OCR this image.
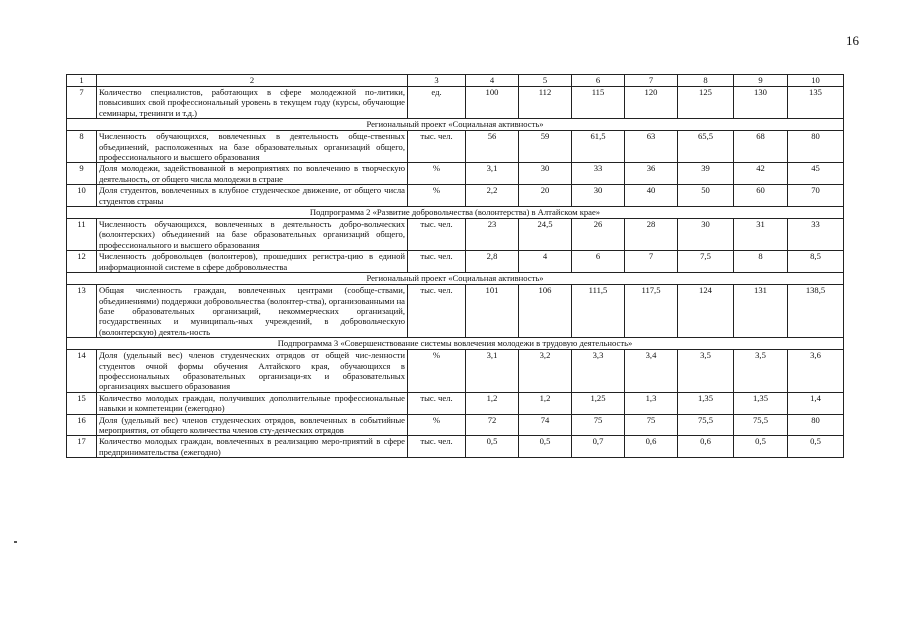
16
1	2	3	4	5	6	7	8	9	10
7	Количество специалистов, работающих в сфере молодежной по-литики, повысивших свой профессиональный уровень в текущем году (курсы, обучающие семинары, тренинги и т.д.)	ед.	100	112	115	120	125	130	135
Региональный проект «Социальная активность»									
8	Численность обучающихся, вовлеченных в деятельность обще-ственных объединений, расположенных на базе образовательных организаций общего, профессионального и высшего образования	тыс. чел.	56	59	61,5	63	65,5	68	80
9	Доля молодежи, задействованной в мероприятиях по вовлечению в творческую деятельность, от общего числа молодежи в стране	%	3,1	30	33	36	39	42	45
10	Доля студентов, вовлеченных в клубное студенческое движение, от общего числа студентов страны	%	2,2	20	30	40	50	60	70
Подпрограмма 2 «Развитие добровольчества (волонтерства) в Алтайском крае»									
11	Численность обучающихся, вовлеченных в деятельность добро-вольческих (волонтерских) объединений на базе образовательных организаций общего, профессионального и высшего образования	тыс. чел.	23	24,5	26	28	30	31	33
12	Численность добровольцев (волонтеров), прошедших регистра-цию в единой информационной системе в сфере добровольчества	тыс. чел.	2,8	4	6	7	7,5	8	8,5
Региональный проект «Социальная активность»									
13	Общая численность граждан, вовлеченных центрами (сообще-ствами, объединениями) поддержки добровольчества (волонтер-ства), организованными на базе образовательных организаций, некоммерческих организаций, государственных и муниципаль-ных учреждений, в добровольческую (волонтерскую) деятель-ность	тыс. чел.	101	106	111,5	117,5	124	131	138,5
Подпрограмма 3 «Совершенствование системы вовлечения молодежи в трудовую деятельность»									
14	Доля (удельный вес) членов студенческих отрядов от общей чис-ленности студентов очной формы обучения Алтайского края, обучающихся в профессиональных образовательных организаци-ях и образовательных организациях высшего образования	%	3,1	3,2	3,3	3,4	3,5	3,5	3,6
15	Количество молодых граждан, получивших дополнительные профессиональные навыки и компетенции (ежегодно)	тыс. чел.	1,2	1,2	1,25	1,3	1,35	1,35	1,4
16	Доля (удельный вес) членов студенческих отрядов, вовлеченных в событийные мероприятия, от общего количества членов сту-денческих отрядов	%	72	74	75	75	75,5	75,5	80
17	Количество молодых граждан, вовлеченных в реализацию меро-приятий в сфере предпринимательства (ежегодно)	тыс. чел.	0,5	0,5	0,7	0,6	0,6	0,5	0,5
